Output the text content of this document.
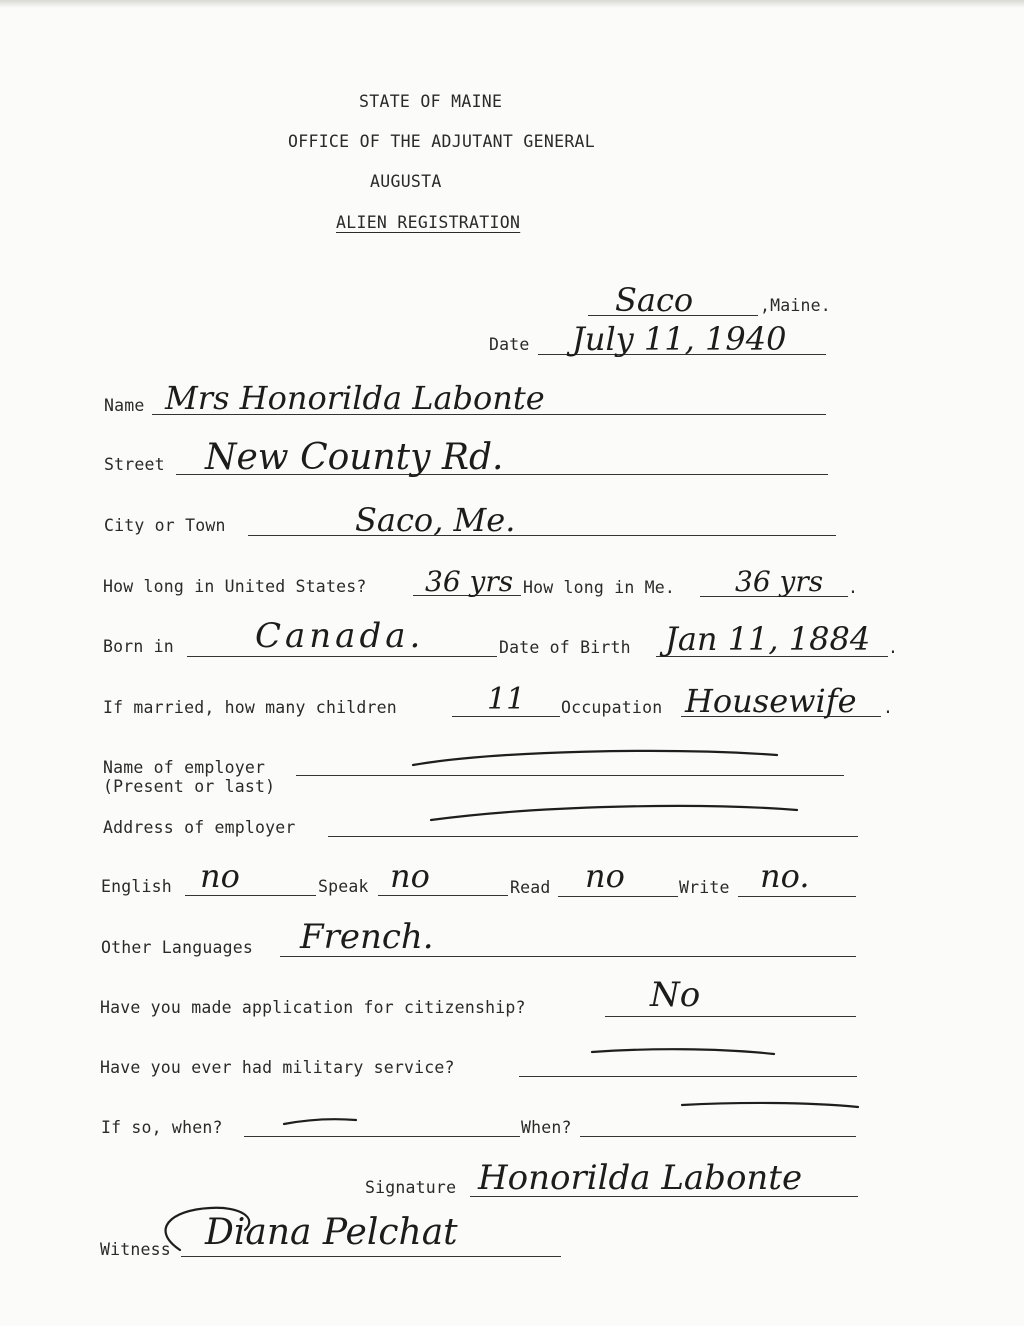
STATE OF MAINE
OFFICE OF THE ADJUTANT GENERAL
AUGUSTA
ALIEN REGISTRATION
Saco	,Maine.
Date July 11, 1940
Name Mrs Honorilda Labonte
Street New County Rd.
City or Town	Saco, Me.
How long in United States? 36 yrs How long in Me. 36 yrs .
Born in Canada.	Date of Birth Jan 11, 1884 .
If married, how many children	11 Occupation Housewife .
Name of employer
(Present or last)
Address of employer
English no	Speak no	Read no	Write no.
Other Languages French.
Have you made application for citizenship?	No
Have you ever had military service?
If so, when?	When?
Signature Honorilda Labonte
Witness Diana Pelchat
